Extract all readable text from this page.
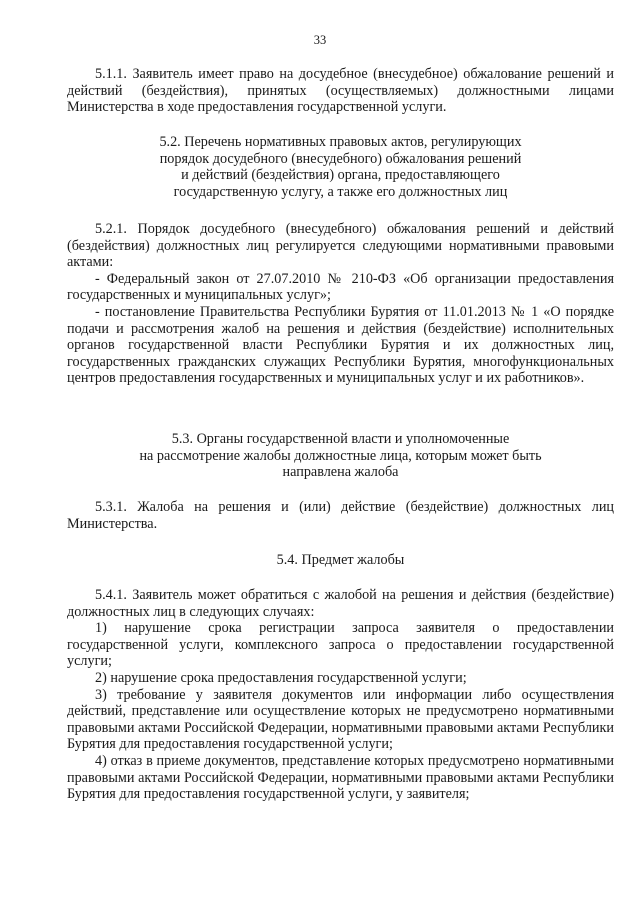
33

5.1.1. Заявитель имеет право на досудебное (внесудебное) обжалование решений и действий (бездействия), принятых (осуществляемых) должностными лицами Министерства в ходе предоставления государственной услуги.

5.2. Перечень нормативных правовых актов, регулирующих
порядок досудебного (внесудебного) обжалования решений
и действий (бездействия) органа, предоставляющего
государственную услугу, а также его должностных лиц
5.2.1. Порядок досудебного (внесудебного) обжалования решений и действий (бездействия) должностных лиц регулируется следующими нормативными правовыми актами:
- Федеральный закон от 27.07.2010 № 210-ФЗ «Об организации предоставления государственных и муниципальных услуг»;
- постановление Правительства Республики Бурятия от 11.01.2013 № 1 «О порядке подачи и рассмотрения жалоб на решения и действия (бездействие) исполнительных органов государственной власти Республики Бурятия и их должностных лиц, государственных гражданских служащих Республики Бурятия, многофункциональных центров предоставления государственных и муниципальных услуг и их работников».
5.3. Органы государственной власти и уполномоченные
на рассмотрение жалобы должностные лица, которым может быть
направлена жалоба

5.3.1. Жалоба на решения и (или) действие (бездействие) должностных лиц Министерства.

5.4. Предмет жалобы
5.4.1. Заявитель может обратиться с жалобой на решения и действия (бездействие) должностных лиц в следующих случаях:
1) нарушение срока регистрации запроса заявителя о предоставлении государственной услуги, комплексного запроса о предоставлении государственной услуги;
2) нарушение срока предоставления государственной услуги;
3) требование у заявителя документов или информации либо осуществления действий, представление или осуществление которых не предусмотрено нормативными правовыми актами Российской Федерации, нормативными правовыми актами Республики Бурятия для предоставления государственной услуги;
4) отказ в приеме документов, представление которых предусмотрено нормативными правовыми актами Российской Федерации, нормативными правовыми актами Республики Бурятия для предоставления государственной услуги, у заявителя;
